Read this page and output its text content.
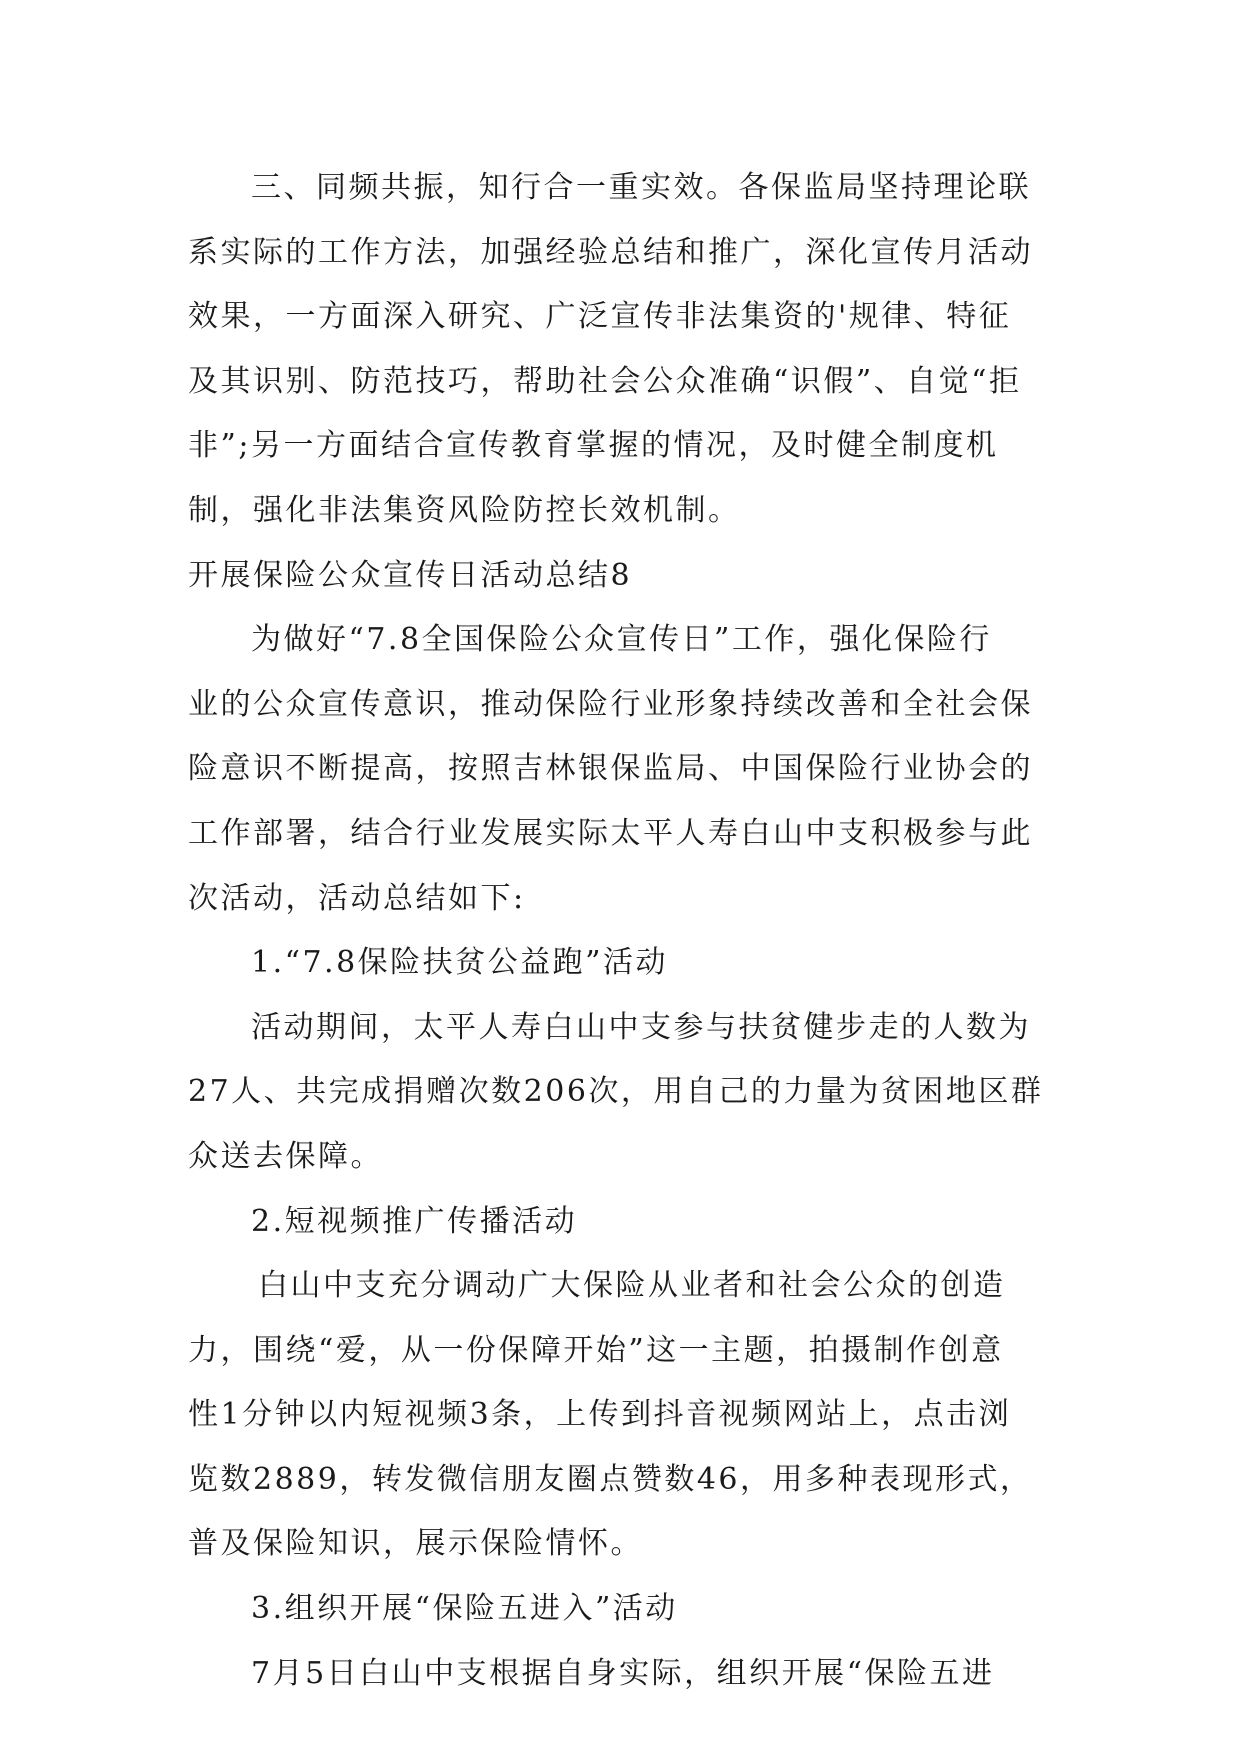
三、同频共振，知行合一重实效。各保监局坚持理论联
系实际的工作方法，加强经验总结和推广，深化宣传月活动
效果，一方面深入研究、广泛宣传非法集资的'规律、特征
及其识别、防范技巧，帮助社会公众准确“识假”、自觉“拒
非”;另一方面结合宣传教育掌握的情况，及时健全制度机
制，强化非法集资风险防控长效机制。
开展保险公众宣传日活动总结8
为做好“7.8全国保险公众宣传日”工作，强化保险行
业的公众宣传意识，推动保险行业形象持续改善和全社会保
险意识不断提高，按照吉林银保监局、中国保险行业协会的
工作部署，结合行业发展实际太平人寿白山中支积极参与此
次活动，活动总结如下:
1.“7.8保险扶贫公益跑”活动
活动期间，太平人寿白山中支参与扶贫健步走的人数为
27人、共完成捐赠次数206次，用自己的力量为贫困地区群
众送去保障。
2.短视频推广传播活动
白山中支充分调动广大保险从业者和社会公众的创造
力，围绕“爱，从一份保障开始”这一主题，拍摄制作创意
性1分钟以内短视频3条，上传到抖音视频网站上，点击浏
览数2889，转发微信朋友圈点赞数46，用多种表现形式，
普及保险知识，展示保险情怀。
3.组织开展“保险五进入”活动
7月5日白山中支根据自身实际，组织开展“保险五进
